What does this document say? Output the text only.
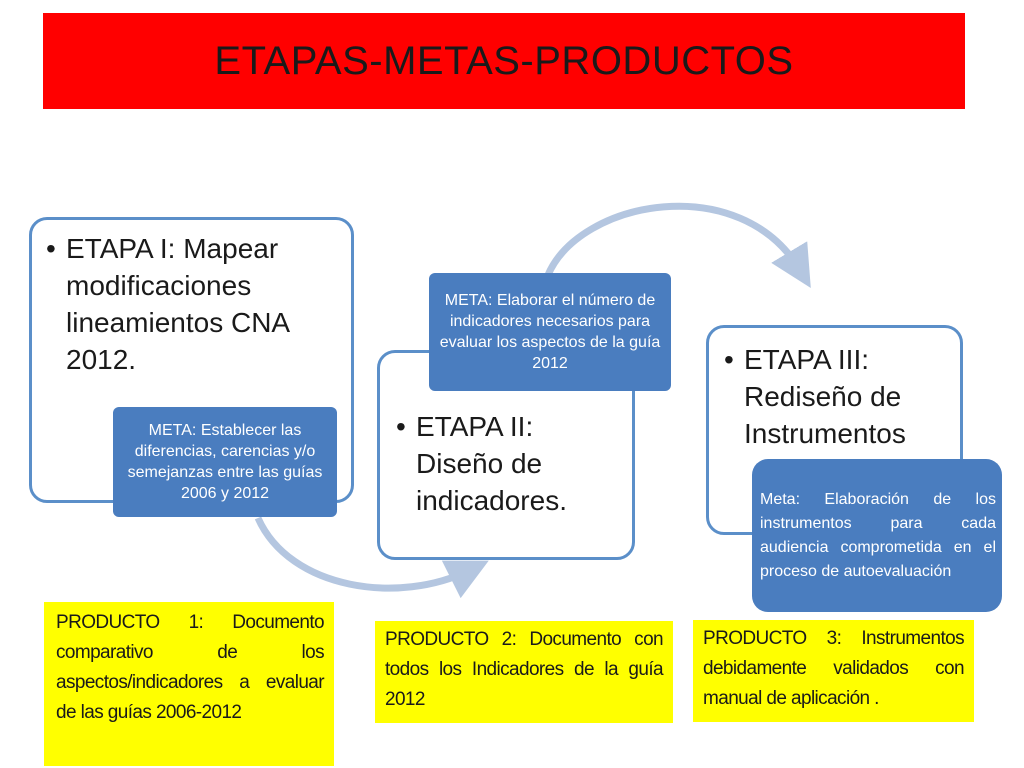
ETAPAS-METAS-PRODUCTOS
• ETAPA I: Mapear modificaciones lineamientos CNA 2012.
META: Establecer las diferencias, carencias y/o semejanzas entre las guías 2006 y 2012
• ETAPA II: Diseño de indicadores.
META: Elaborar el número de indicadores necesarios para evaluar los aspectos de la guía 2012	• ETAPA III: Rediseño de Instrumentos
Meta: Elaboración de los instrumentos para cada audiencia comprometida en el proceso de autoevaluación
PRODUCTO 1: Documento comparativo de los aspectos/indicadores a evaluar de las guías 2006-2012
PRODUCTO 2: Documento con todos los Indicadores de la guía 2012
PRODUCTO 3: Instrumentos debidamente validados con manual de aplicación .
